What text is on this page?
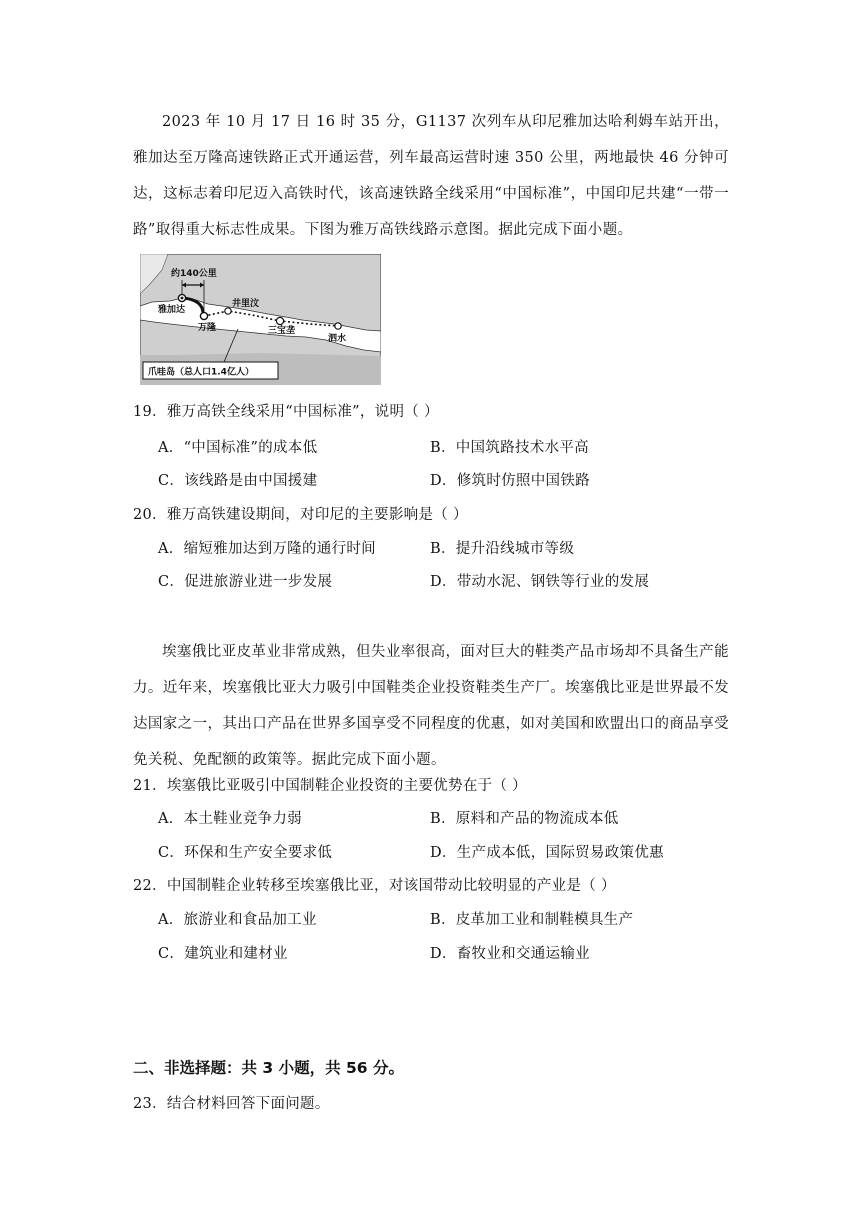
2023 年 10 月 17 日 16 时 35 分，G1137 次列车从印尼雅加达哈利姆车站开出，雅加达至万隆高速铁路正式开通运营，列车最高运营时速 350 公里，两地最快 46 分钟可达，这标志着印尼迈入高铁时代，该高速铁路全线采用“中国标准”，中国印尼共建“一带一路”取得重大标志性成果。下图为雅万高铁线路示意图。据此完成下面小题。
约140公里
雅加达
万隆
井里汶
三宝垄
泗水
爪哇岛（总人口1.4亿人）
19．雅万高铁全线采用“中国标准”，说明（ ）
A．“中国标准”的成本低	B．中国筑路技术水平高
C．该线路是由中国援建	D．修筑时仿照中国铁路
20．雅万高铁建设期间，对印尼的主要影响是（ ）
A．缩短雅加达到万隆的通行时间	B．提升沿线城市等级
C．促进旅游业进一步发展	D．带动水泥、钢铁等行业的发展
埃塞俄比亚皮革业非常成熟，但失业率很高，面对巨大的鞋类产品市场却不具备生产能力。近年来，埃塞俄比亚大力吸引中国鞋类企业投资鞋类生产厂。埃塞俄比亚是世界最不发达国家之一，其出口产品在世界多国享受不同程度的优惠，如对美国和欧盟出口的商品享受免关税、免配额的政策等。据此完成下面小题。
21．埃塞俄比亚吸引中国制鞋企业投资的主要优势在于（ ）
A．本土鞋业竞争力弱	B．原料和产品的物流成本低
C．环保和生产安全要求低	D．生产成本低，国际贸易政策优惠
22．中国制鞋企业转移至埃塞俄比亚，对该国带动比较明显的产业是（ ）
A．旅游业和食品加工业	B．皮革加工业和制鞋模具生产
C．建筑业和建材业	D．畜牧业和交通运输业
二、非选择题：共 3 小题，共 56 分。
23．结合材料回答下面问题。
